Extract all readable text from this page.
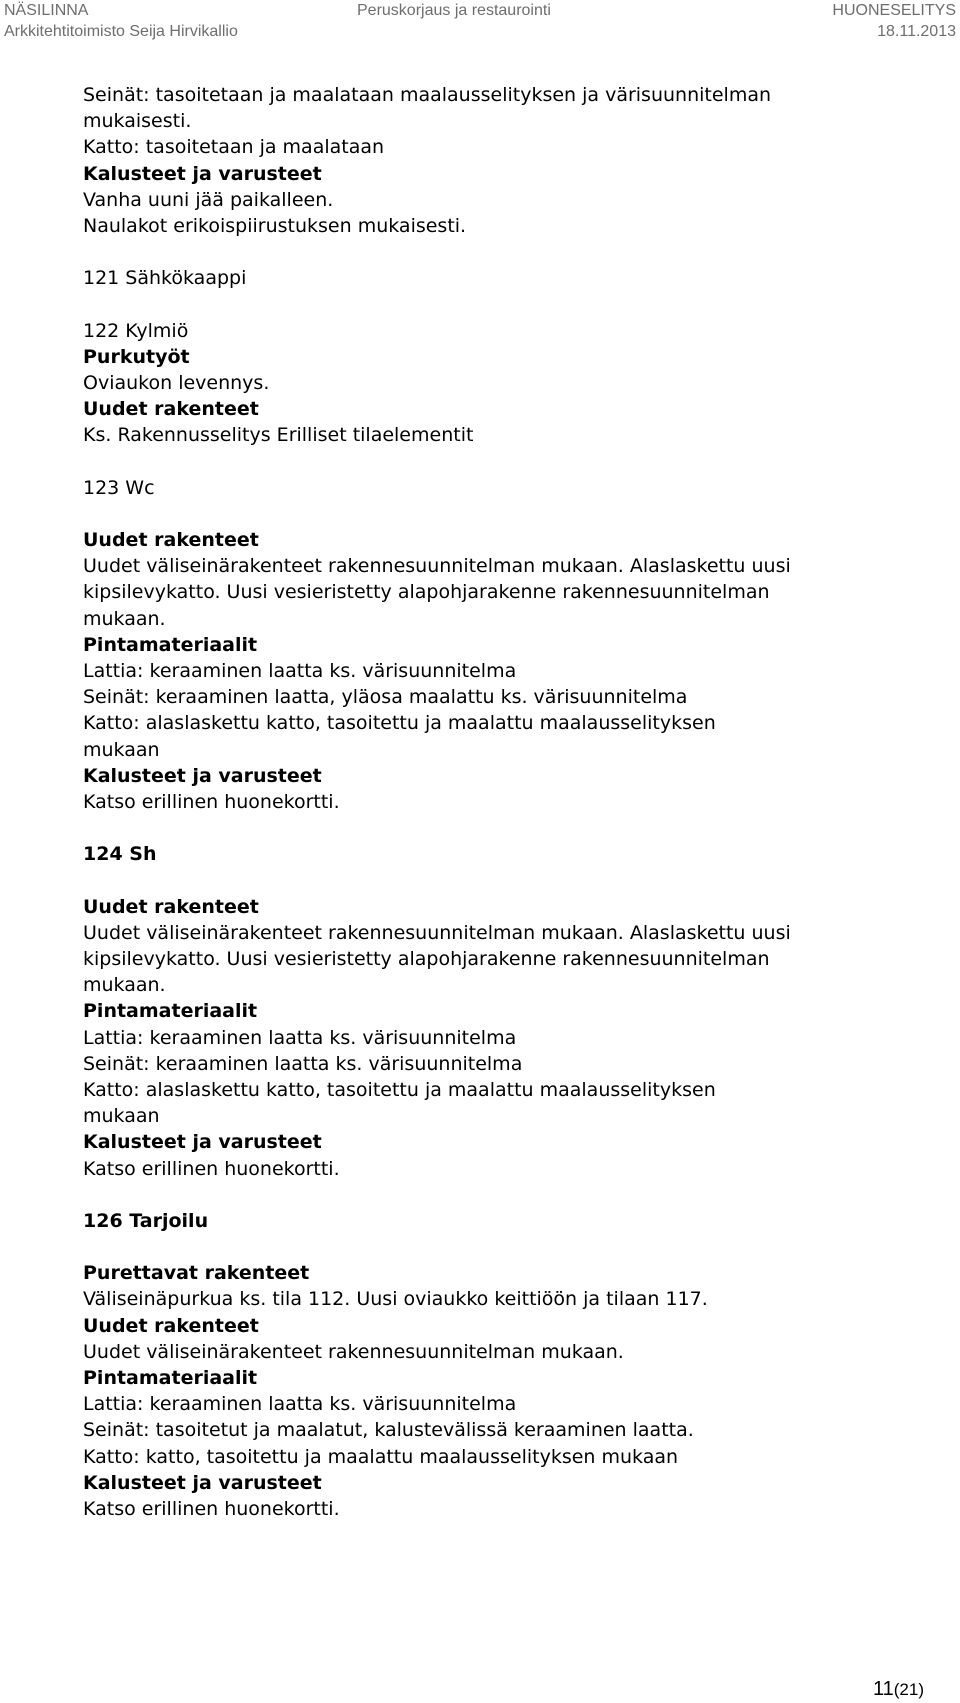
NÄSILINNA
Arkkitehtitoimisto Seija Hirvikallio
Peruskorjaus ja restaurointi	HUONESELITYS
18.11.2013
Seinät: tasoitetaan ja maalataan maalausselityksen ja värisuunnitelman
mukaisesti.
Katto: tasoitetaan ja maalataan
Kalusteet ja varusteet
Vanha uuni jää paikalleen.
Naulakot erikoispiirustuksen mukaisesti.
121 Sähkökaappi
122 Kylmiö
Purkutyöt
Oviaukon levennys.
Uudet rakenteet
Ks. Rakennusselitys Erilliset tilaelementit
123 Wc
Uudet rakenteet
Uudet väliseinärakenteet rakennesuunnitelman mukaan. Alaslaskettu uusi
kipsilevykatto. Uusi vesieristetty alapohjarakenne rakennesuunnitelman
mukaan.
Pintamateriaalit
Lattia: keraaminen laatta ks. värisuunnitelma
Seinät: keraaminen laatta, yläosa maalattu ks. värisuunnitelma
Katto: alaslaskettu katto, tasoitettu ja maalattu maalausselityksen
mukaan
Kalusteet ja varusteet
Katso erillinen huonekortti.
124 Sh
Uudet rakenteet
Uudet väliseinärakenteet rakennesuunnitelman mukaan. Alaslaskettu uusi
kipsilevykatto. Uusi vesieristetty alapohjarakenne rakennesuunnitelman
mukaan.
Pintamateriaalit
Lattia: keraaminen laatta ks. värisuunnitelma
Seinät: keraaminen laatta ks. värisuunnitelma
Katto: alaslaskettu katto, tasoitettu ja maalattu maalausselityksen
mukaan
Kalusteet ja varusteet
Katso erillinen huonekortti.
126 Tarjoilu
Purettavat rakenteet
Väliseinäpurkua ks. tila 112. Uusi oviaukko keittiöön ja tilaan 117.
Uudet rakenteet
Uudet väliseinärakenteet rakennesuunnitelman mukaan.
Pintamateriaalit
Lattia: keraaminen laatta ks. värisuunnitelma
Seinät: tasoitetut ja maalatut, kalustevälissä keraaminen laatta.
Katto: katto, tasoitettu ja maalattu maalausselityksen mukaan
Kalusteet ja varusteet
Katso erillinen huonekortti.
11(21)
